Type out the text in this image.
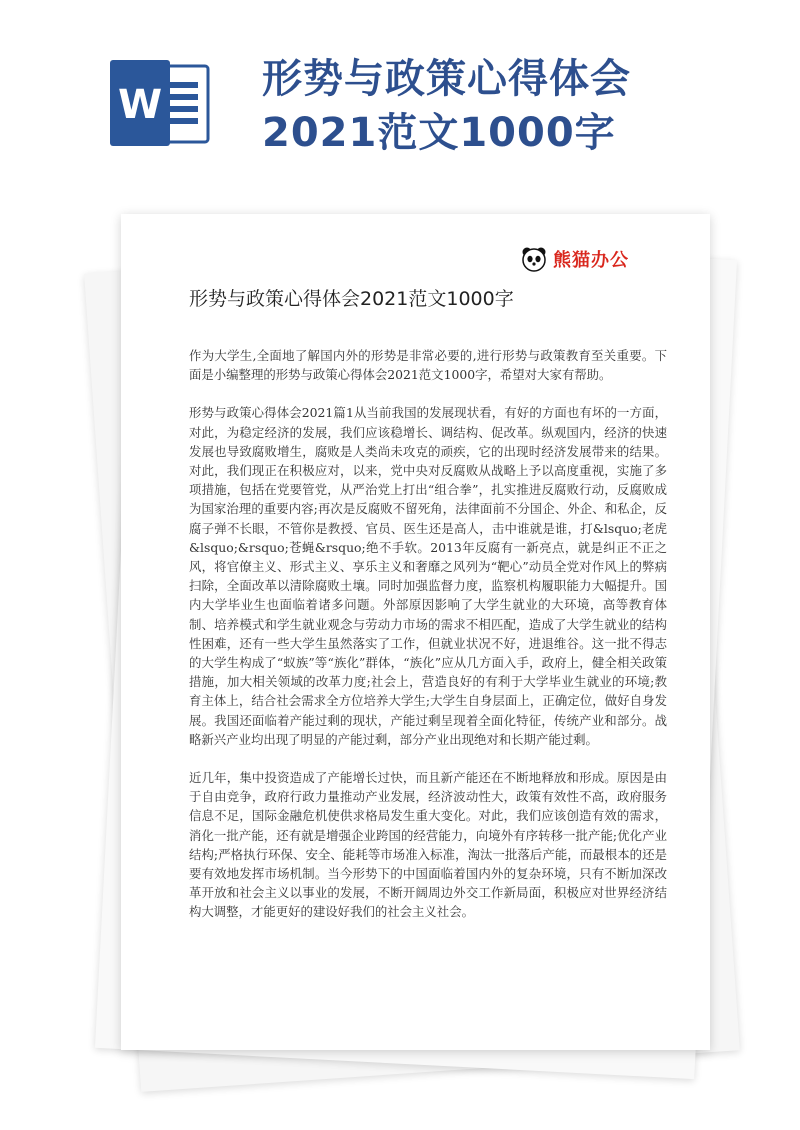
W
形势与政策心得体会2021范文1000字
熊猫办公
形势与政策心得体会2021范文1000字

作为大学生,全面地了解国内外的形势是非常必要的,进行形势与政策教育至关重要。下面是小编整理的形势与政策心得体会2021范文1000字，希望对大家有帮助。

形势与政策心得体会2021篇1从当前我国的发展现状看，有好的方面也有坏的一方面，对此，为稳定经济的发展，我们应该稳增长、调结构、促改革。纵观国内，经济的快速发展也导致腐败增生，腐败是人类尚未攻克的顽疾，它的出现时经济发展带来的结果。对此，我们现正在积极应对，以来，党中央对反腐败从战略上予以高度重视，实施了多项措施，包括在党要管党，从严治党上打出“组合拳”，扎实推进反腐败行动，反腐败成为国家治理的重要内容;再次是反腐败不留死角，法律面前不分国企、外企、和私企，反腐子弹不长眼，不管你是教授、官员、医生还是高人，击中谁就是谁，打&lsquo;老虎&lsquo;&rsquo;苍蝇&rsquo;绝不手软。2013年反腐有一新亮点，就是纠正不正之风，将官僚主义、形式主义、享乐主义和奢靡之风列为“靶心”动员全党对作风上的弊病扫除，全面改革以清除腐败土壤。同时加强监督力度，监察机构履职能力大幅提升。国内大学毕业生也面临着诸多问题。外部原因影响了大学生就业的大环境，高等教育体制、培养模式和学生就业观念与劳动力市场的需求不相匹配，造成了大学生就业的结构性困难，还有一些大学生虽然落实了工作，但就业状况不好，进退维谷。这一批不得志的大学生构成了“蚁族”等“族化”群体，“族化”应从几方面入手，政府上，健全相关政策措施，加大相关领域的改革力度;社会上，营造良好的有利于大学毕业生就业的环境;教育主体上，结合社会需求全方位培养大学生;大学生自身层面上，正确定位，做好自身发展。我国还面临着产能过剩的现状，产能过剩呈现着全面化特征，传统产业和部分。战略新兴产业均出现了明显的产能过剩，部分产业出现绝对和长期产能过剩。

近几年，集中投资造成了产能增长过快，而且新产能还在不断地释放和形成。原因是由于自由竞争，政府行政力量推动产业发展，经济波动性大，政策有效性不高，政府服务信息不足，国际金融危机使供求格局发生重大变化。对此，我们应该创造有效的需求，消化一批产能，还有就是增强企业跨国的经营能力，向境外有序转移一批产能;优化产业结构;严格执行环保、安全、能耗等市场准入标准，淘汰一批落后产能，而最根本的还是要有效地发挥市场机制。当今形势下的中国面临着国内外的复杂环境，只有不断加深改革开放和社会主义以事业的发展，不断开阔周边外交工作新局面，积极应对世界经济结构大调整，才能更好的建设好我们的社会主义社会。
